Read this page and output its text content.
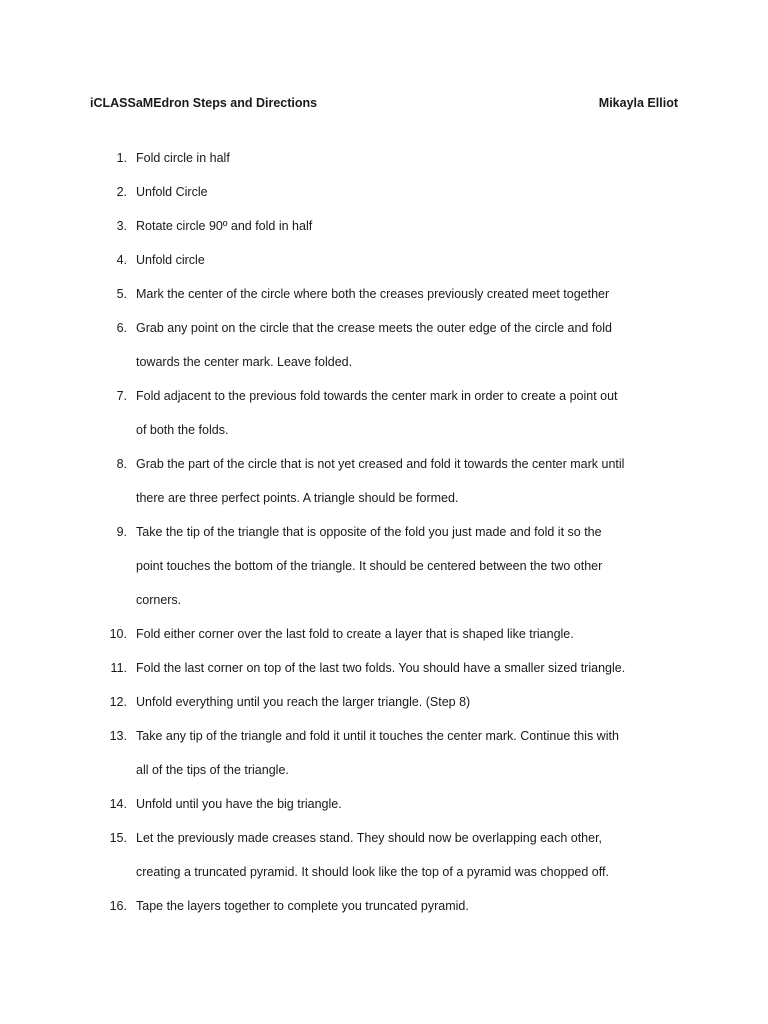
iCLASSaMEdron Steps and Directions	Mikayla Elliot
1. Fold circle in half
2. Unfold Circle
3. Rotate circle 90º and fold in half
4. Unfold circle
5. Mark the center of the circle where both the creases previously created meet together
6. Grab any point on the circle that the crease meets the outer edge of the circle and fold
towards the center mark. Leave folded.
7. Fold adjacent to the previous fold towards the center mark in order to create a point out
of both the folds.
8. Grab the part of the circle that is not yet creased and fold it towards the center mark until
there are three perfect points. A triangle should be formed.
9. Take the tip of the triangle that is opposite of the fold you just made and fold it so the
point touches the bottom of the triangle. It should be centered between the two other
corners.
10. Fold either corner over the last fold to create a layer that is shaped like triangle.
11. Fold the last corner on top of the last two folds. You should have a smaller sized triangle.
12. Unfold everything until you reach the larger triangle. (Step 8)
13. Take any tip of the triangle and fold it until it touches the center mark. Continue this with
all of the tips of the triangle.
14. Unfold until you have the big triangle.
15. Let the previously made creases stand. They should now be overlapping each other,
creating a truncated pyramid. It should look like the top of a pyramid was chopped off.
16. Tape the layers together to complete you truncated pyramid.
